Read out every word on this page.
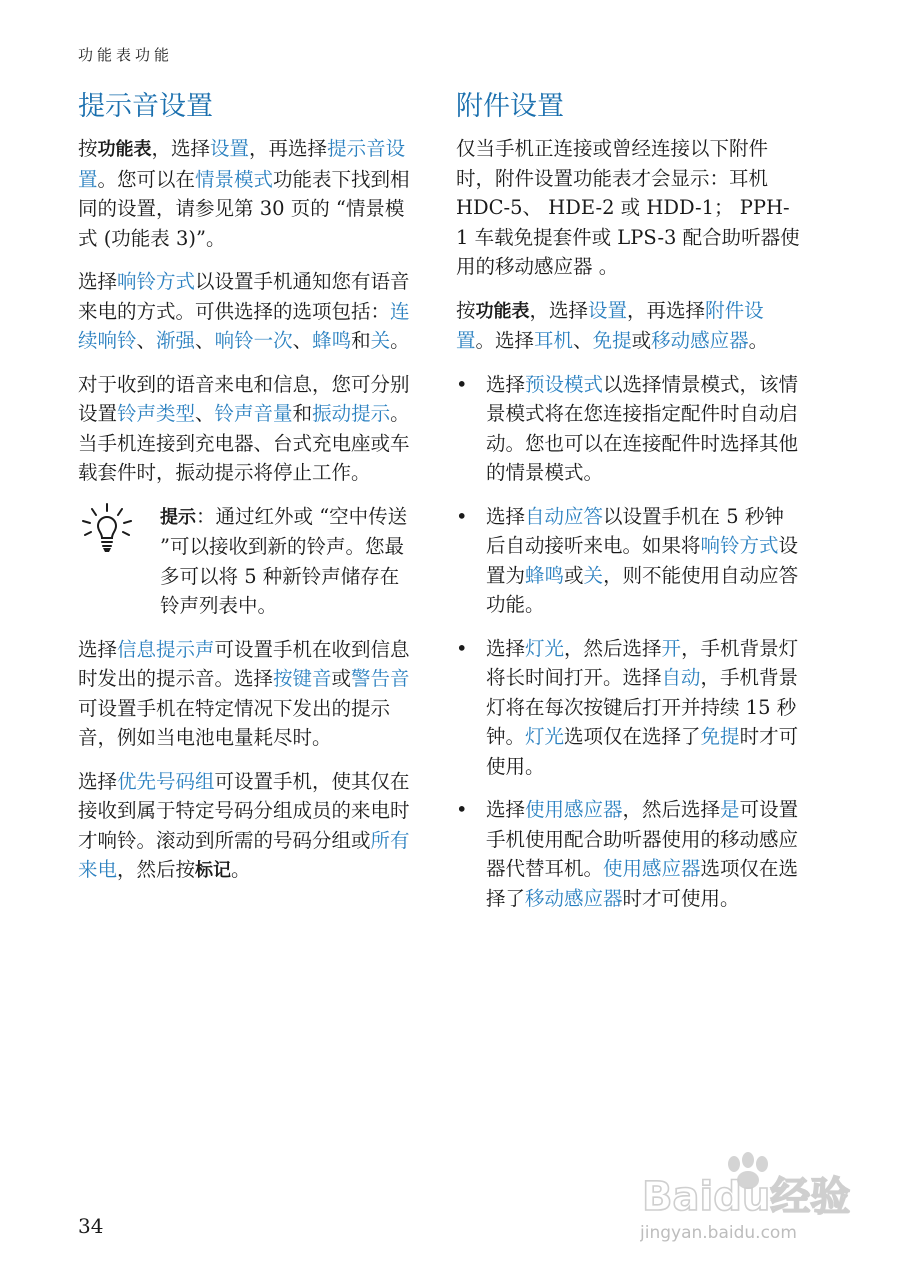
功能表功能
提示音设置

按功能表，选择设置，再选择提示音设置。您可以在情景模式功能表下找到相同的设置，请参见第 30 页的 “情景模式 (功能表 3)”。

选择响铃方式以设置手机通知您有语音来电的方式。可供选择的选项包括：连续响铃、渐强、响铃一次、蜂鸣和关。

对于收到的语音来电和信息，您可分别设置铃声类型、铃声音量和振动提示。当手机连接到充电器、台式充电座或车载套件时，振动提示将停止工作。

提示：通过红外或 “空中传送 ”可以接收到新的铃声。您最多可以将 5 种新铃声储存在铃声列表中。

选择信息提示声可设置手机在收到信息时发出的提示音。选择按键音或警告音可设置手机在特定情况下发出的提示音，例如当电池电量耗尽时。

选择优先号码组可设置手机，使其仅在接收到属于特定号码分组成员的来电时才响铃。滚动到所需的号码分组或所有来电，然后按标记。

附件设置

仅当手机正连接或曾经连接以下附件时，附件设置功能表才会显示：耳机 HDC-5、 HDE-2 或 HDD-1； PPH-1 车载免提套件或 LPS-3 配合助听器使用的移动感应器 。

按功能表，选择设置，再选择附件设置。选择耳机、免提或移动感应器。

• 选择预设模式以选择情景模式，该情景模式将在您连接指定配件时自动启动。您也可以在连接配件时选择其他的情景模式。
• 选择自动应答以设置手机在 5 秒钟后自动接听来电。如果将响铃方式设置为蜂鸣或关，则不能使用自动应答功能。
• 选择灯光，然后选择开，手机背景灯将长时间打开。选择自动，手机背景灯将在每次按键后打开并持续 15 秒钟。灯光选项仅在选择了免提时才可使用。
• 选择使用感应器，然后选择是可设置手机使用配合助听器使用的移动感应器代替耳机。使用感应器选项仅在选择了移动感应器时才可使用。
34
Baidu经验
jingyan.baidu.com
